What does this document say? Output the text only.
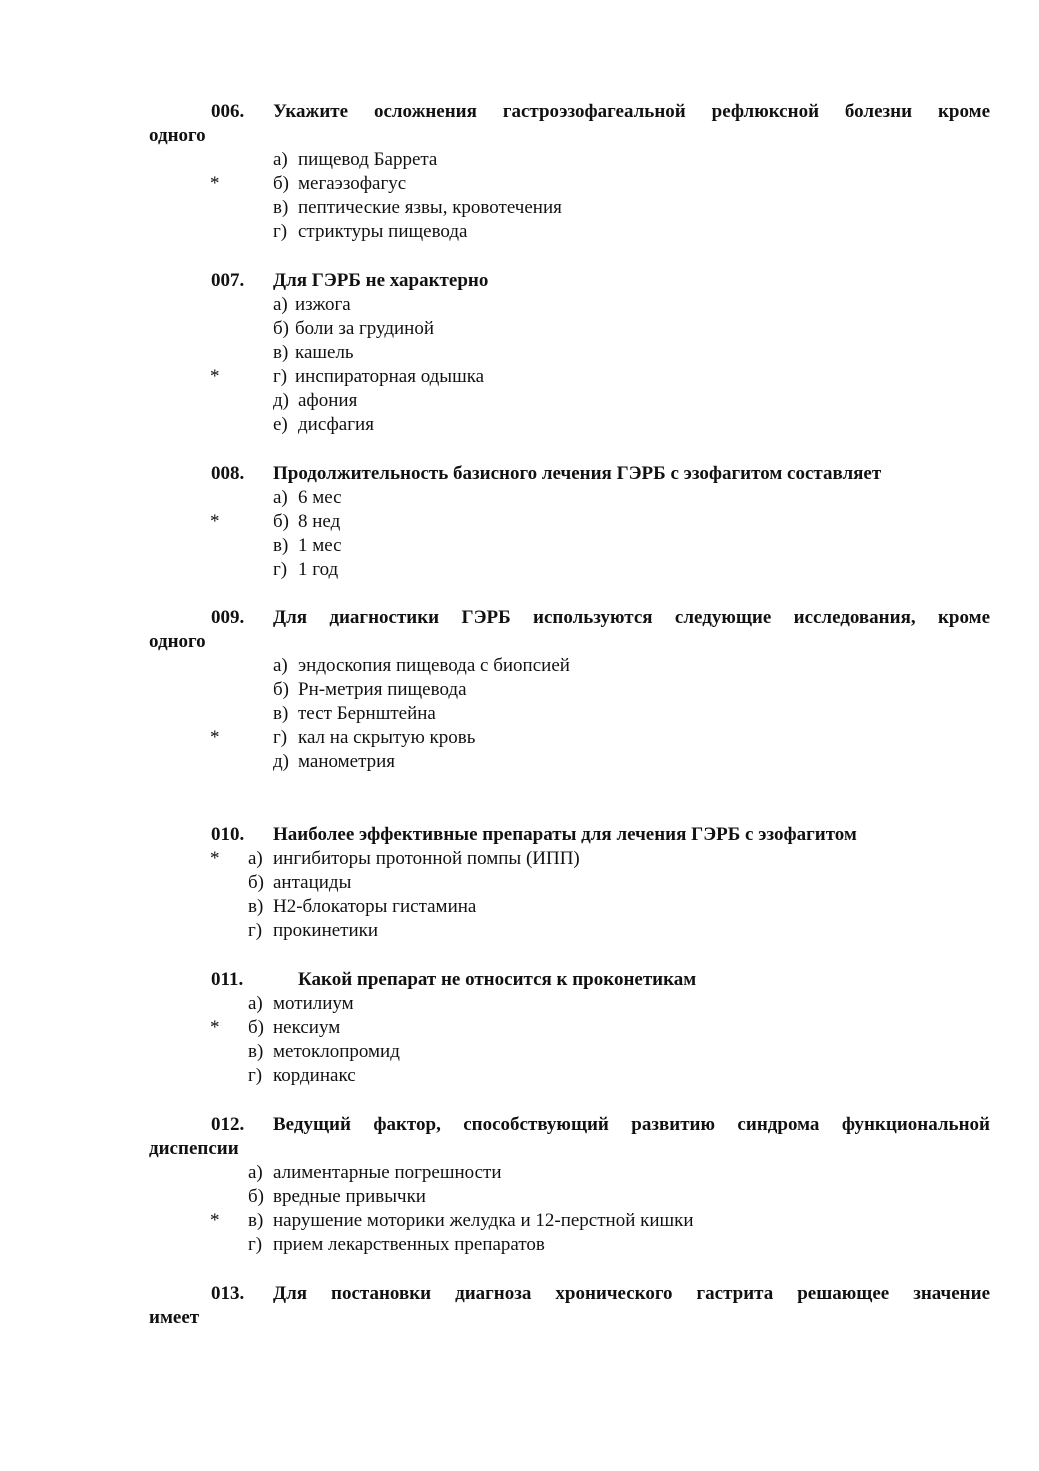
006. Укажите осложнения гастроэзофагеальной рефлюксной болезни кроме
одного
а) пищевод Баррета
*	б) мегаэзофагус
в) пептические язвы, кровотечения
г) стриктуры пищевода
007. Для ГЭРБ не характерно
а) изжога
б) боли за грудиной
в) кашель
*	г) инспираторная одышка
д) афония
е) дисфагия
008. Продолжительность базисного лечения ГЭРБ с эзофагитом составляет
а) 6 мес
*	б) 8 нед
в) 1 мес
г) 1 год
009. Для диагностики ГЭРБ используются следующие исследования, кроме
одного
а) эндоскопия пищевода с биопсией
б) Рн-метрия пищевода
в) тест Бернштейна
*	г) кал на скрытую кровь
д) манометрия
010. Наиболее эффективные препараты для лечения ГЭРБ с эзофагитом
* а) ингибиторы протонной помпы (ИПП)
б) антациды
в) Н2-блокаторы гистамина
г) прокинетики
011.	Какой препарат не относится к проконетикам
а) мотилиум
* б) нексиум
в) метоклопромид
г) кординакс
012. Ведущий фактор, способствующий развитию синдрома функциональной
диспепсии
а) алиментарные погрешности
б) вредные привычки
* в) нарушение моторики желудка и 12-перстной кишки
г) прием лекарственных препаратов
013. Для постановки диагноза хронического гастрита решающее значение
имеет
